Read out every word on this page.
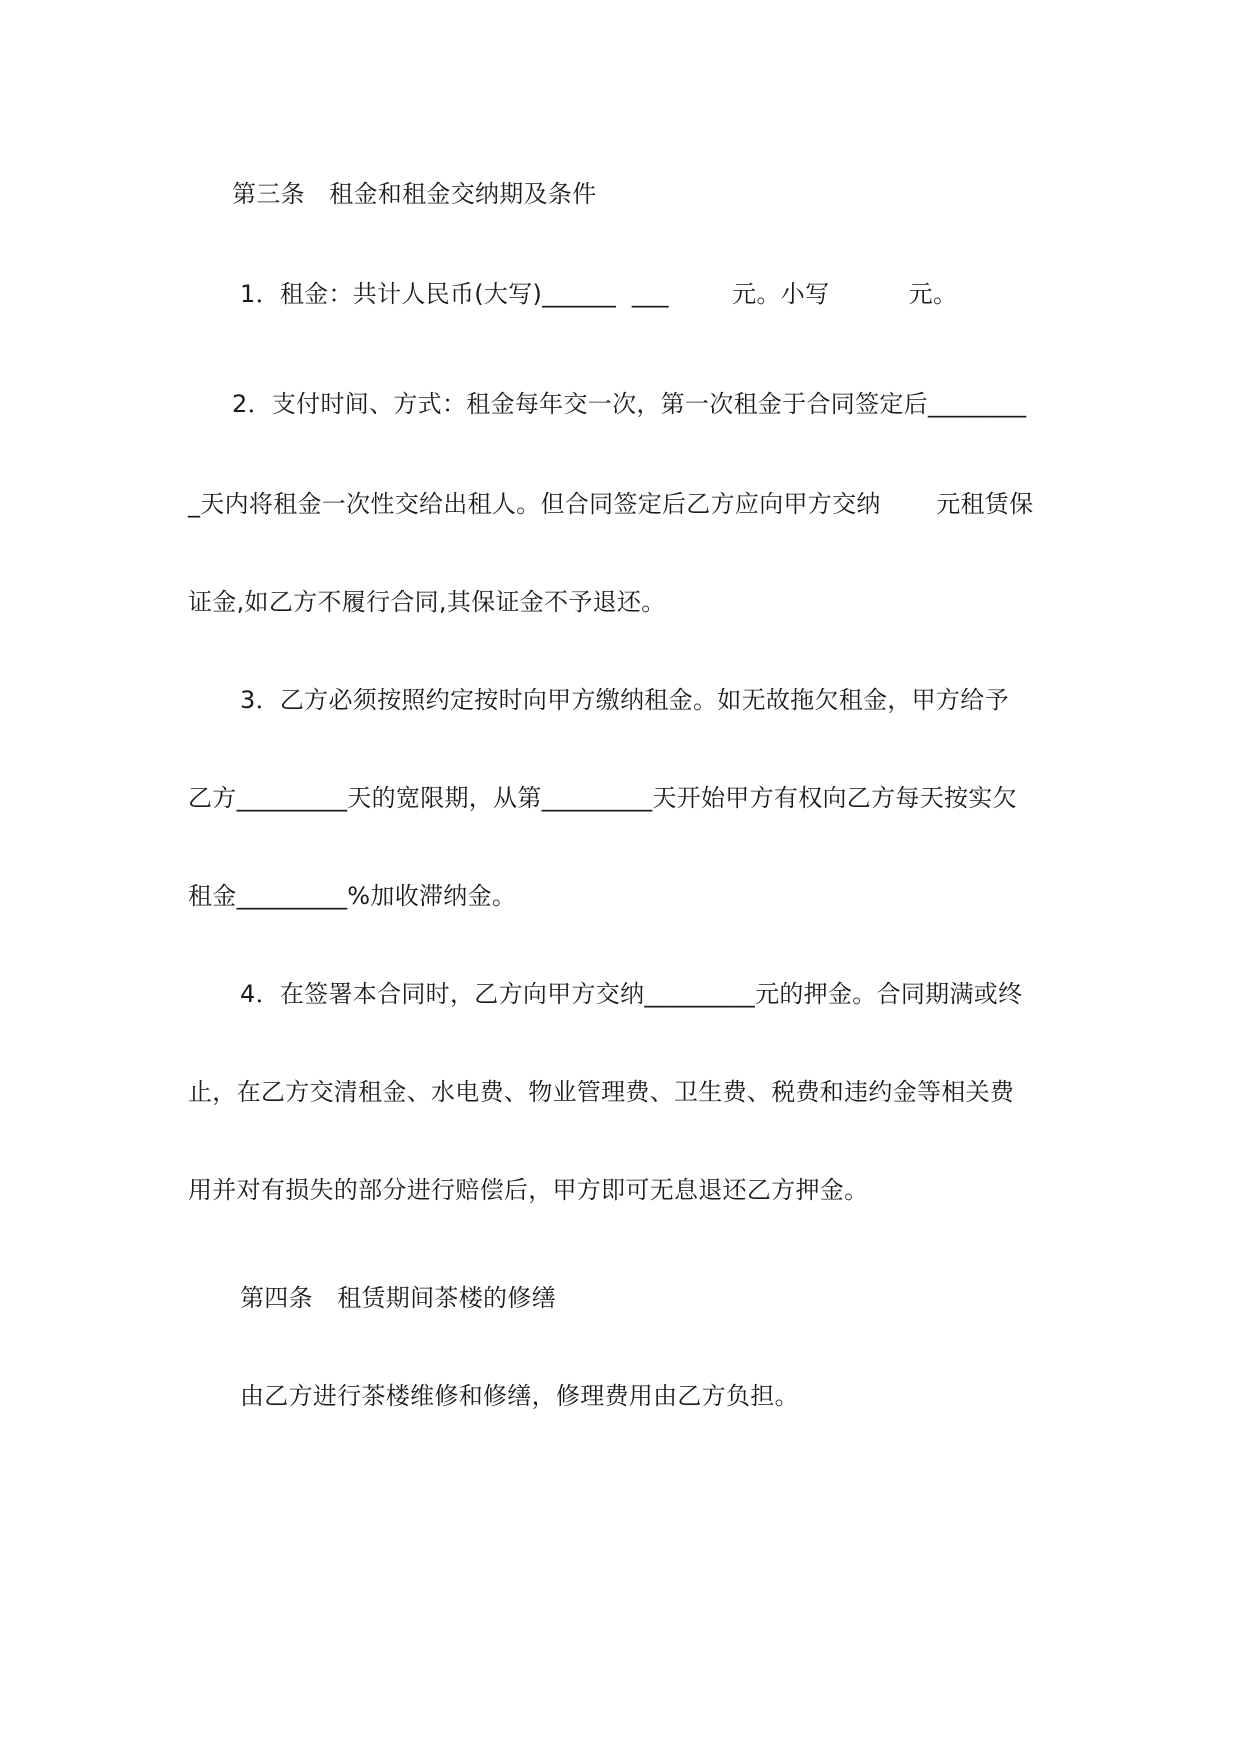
第三条　租金和租金交纳期及条件
1．租金：共计人民币(大写)______  ___        元。小写          元。
2．支付时间、方式：租金每年交一次，第一次租金于合同签定后________
_天内将租金一次性交给出租人。但合同签定后乙方应向甲方交纳       元租赁保
证金,如乙方不履行合同,其保证金不予退还。
3．乙方必须按照约定按时向甲方缴纳租金。如无故拖欠租金，甲方给予
乙方_________天的宽限期，从第_________天开始甲方有权向乙方每天按实欠
租金_________%加收滞纳金。
4．在签署本合同时，乙方向甲方交纳_________元的押金。合同期满或终
止，在乙方交清租金、水电费、物业管理费、卫生费、税费和违约金等相关费
用并对有损失的部分进行赔偿后，甲方即可无息退还乙方押金。
第四条　租赁期间茶楼的修缮
由乙方进行茶楼维修和修缮，修理费用由乙方负担。
